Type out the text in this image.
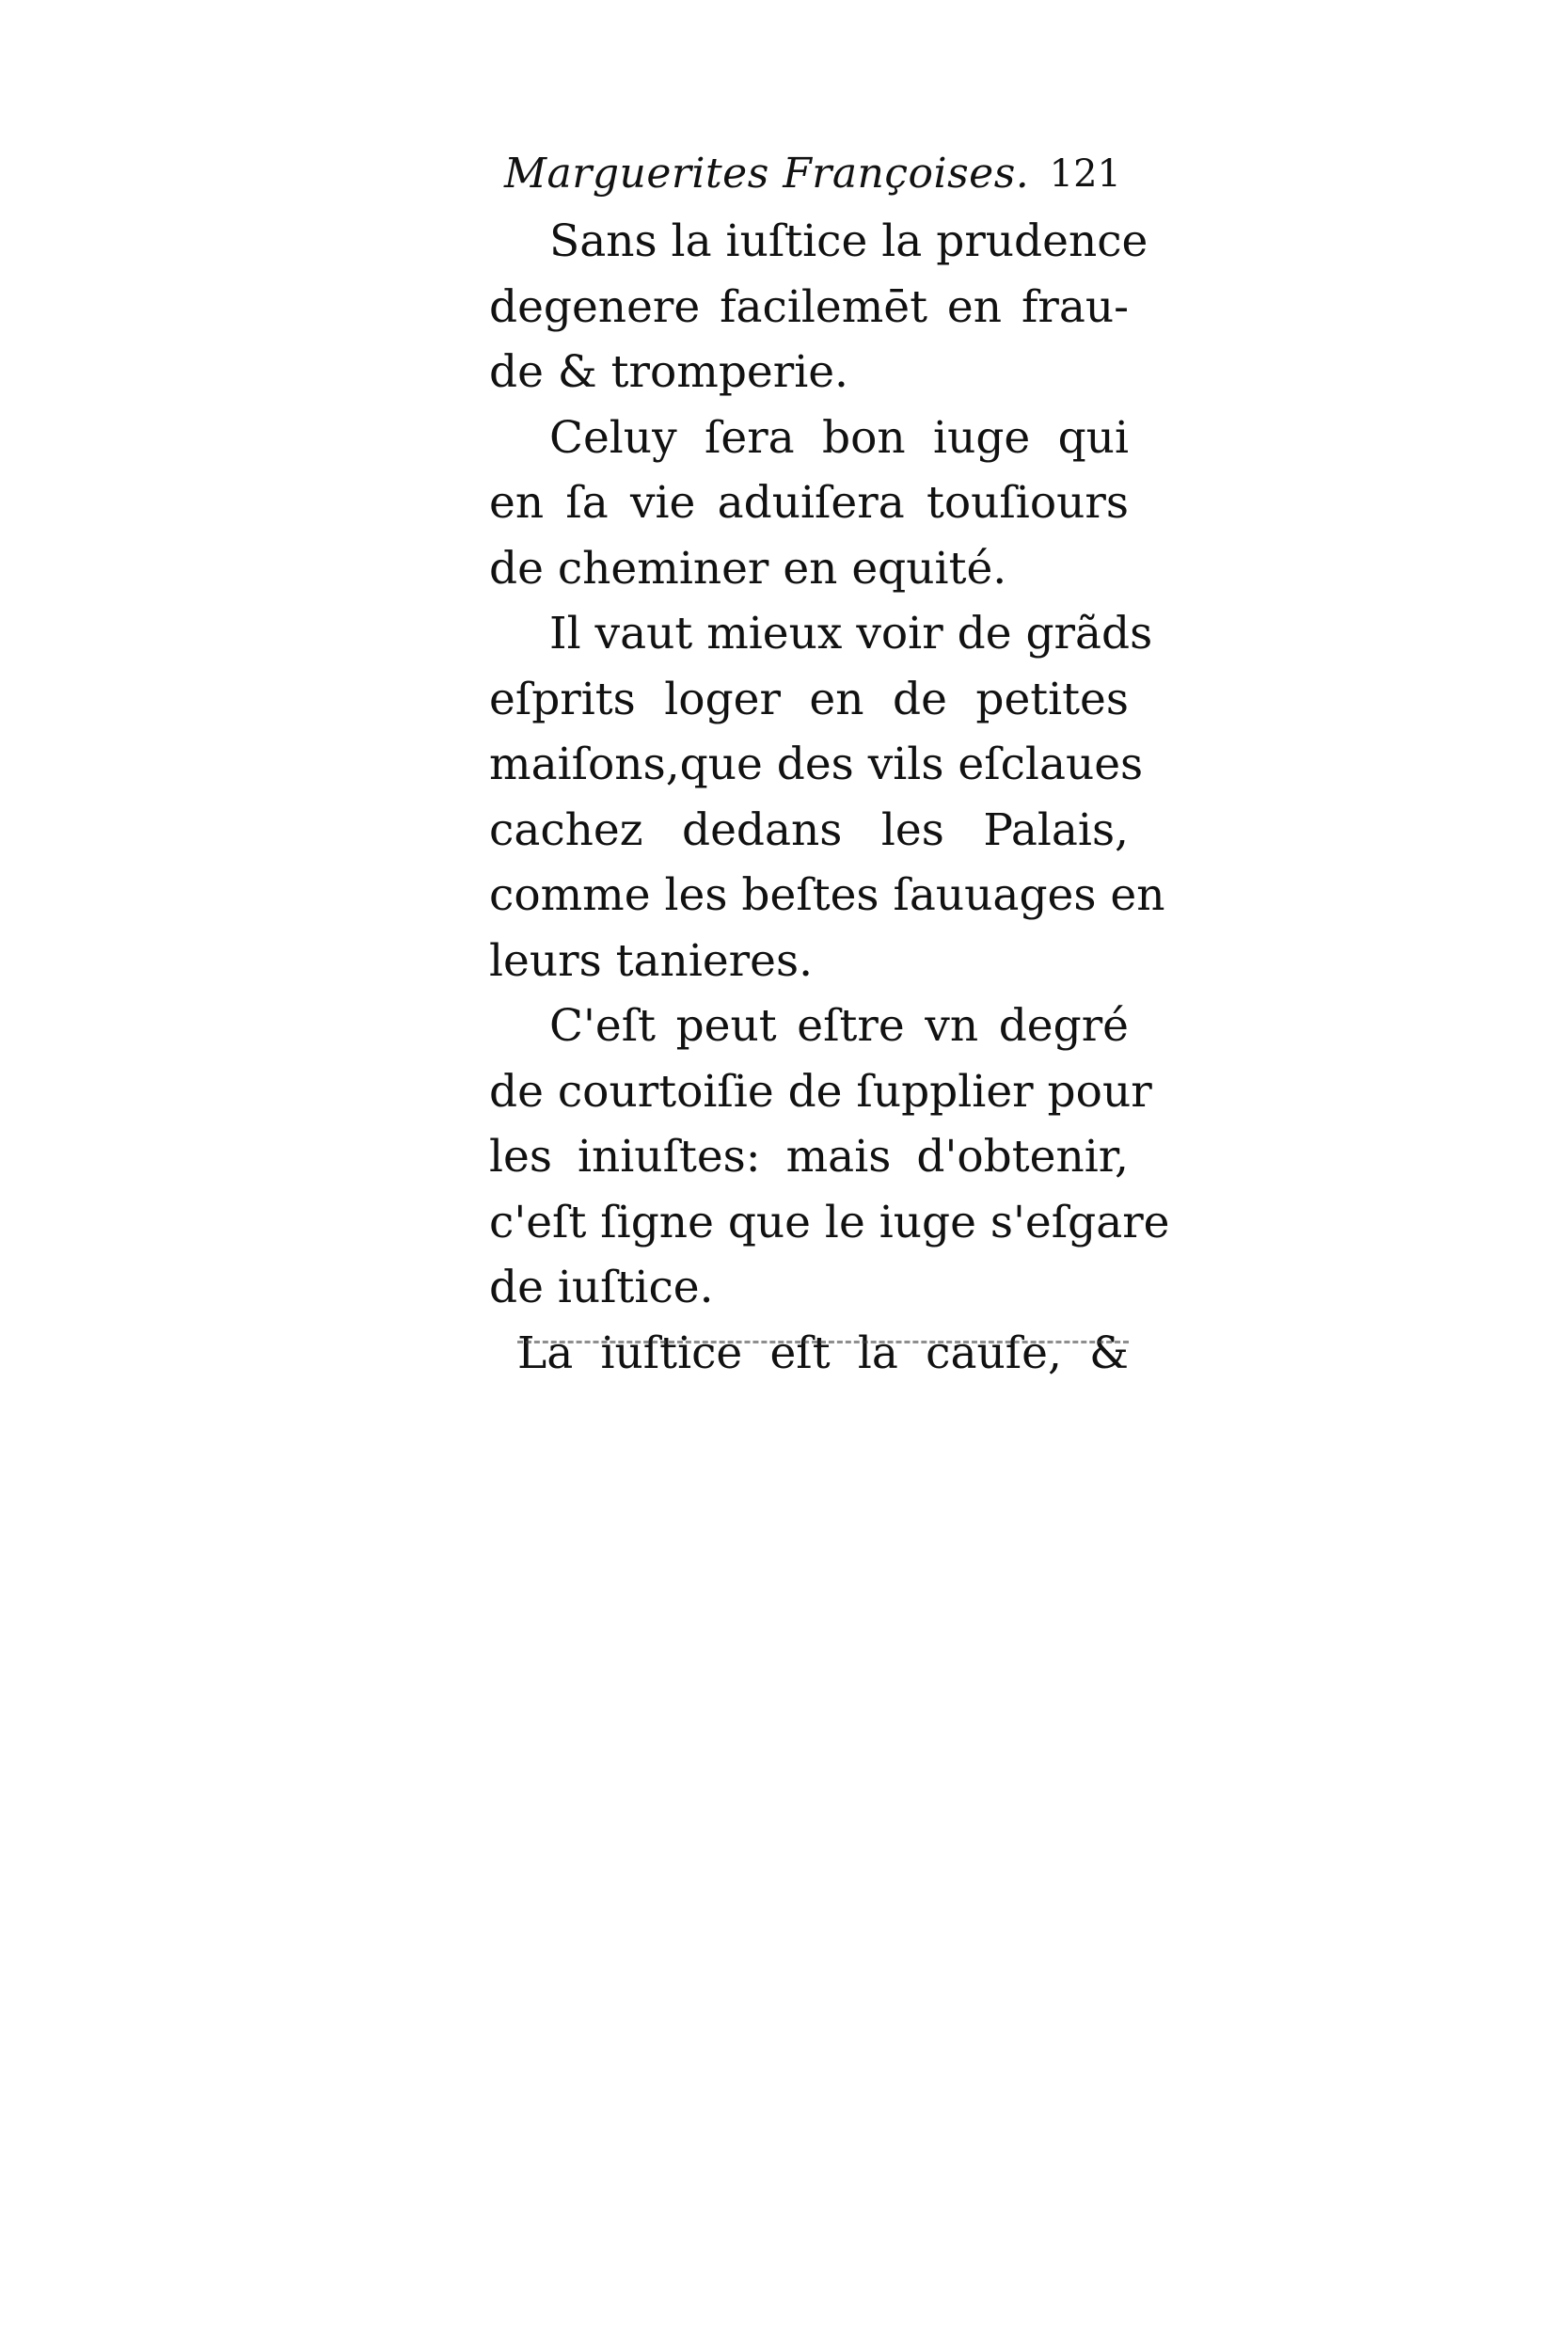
Marguerites Françoises. 121
Sans la iuſtice la prudence
degenere facilemēt en frau-
de & tromperie.
Celuy ſera bon iuge qui
en ſa vie aduiſera touſiours
de cheminer en equité.
Il vaut mieux voir de grãds
eſprits loger en de petites
maiſons,que des vils eſclaues
cachez dedans les Palais,
comme les beſtes ſauuages en
leurs tanieres.
C'eſt peut eſtre vn degré
de courtoiſie de ſupplier pour
les iniuſtes: mais d'obtenir,
c'eſt ſigne que le iuge s'eſgare
de iuſtice.
La iuſtice eſt la cauſe, &
